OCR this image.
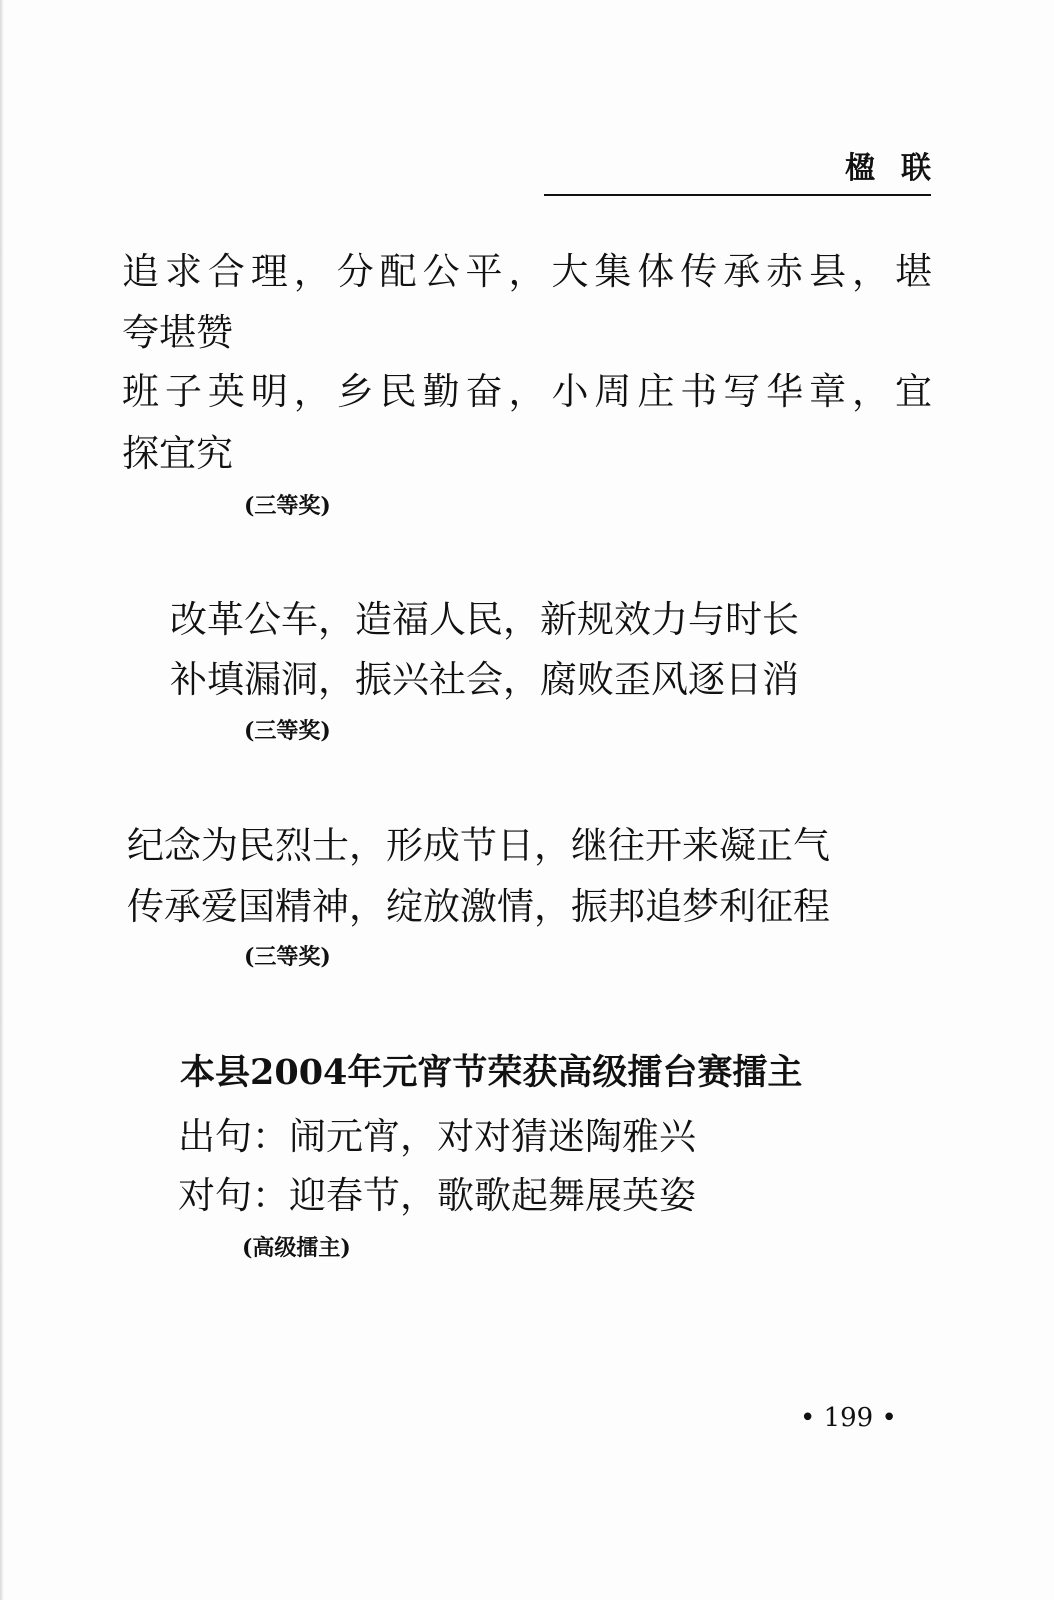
楹联
追求合理，分配公平，大集体传承赤县，堪
夸堪赞
班子英明，乡民勤奋，小周庄书写华章，宜
探宜究
(三等奖)
改革公车，造福人民，新规效力与时长
补填漏洞，振兴社会，腐败歪风逐日消
(三等奖)
纪念为民烈士，形成节日，继往开来凝正气
传承爱国精神，绽放激情，振邦追梦利征程
(三等奖)
本县2004年元宵节荣获高级擂台赛擂主
出句：闹元宵，对对猜迷陶雅兴
对句：迎春节，歌歌起舞展英姿
(高级擂主)
• 199 •
